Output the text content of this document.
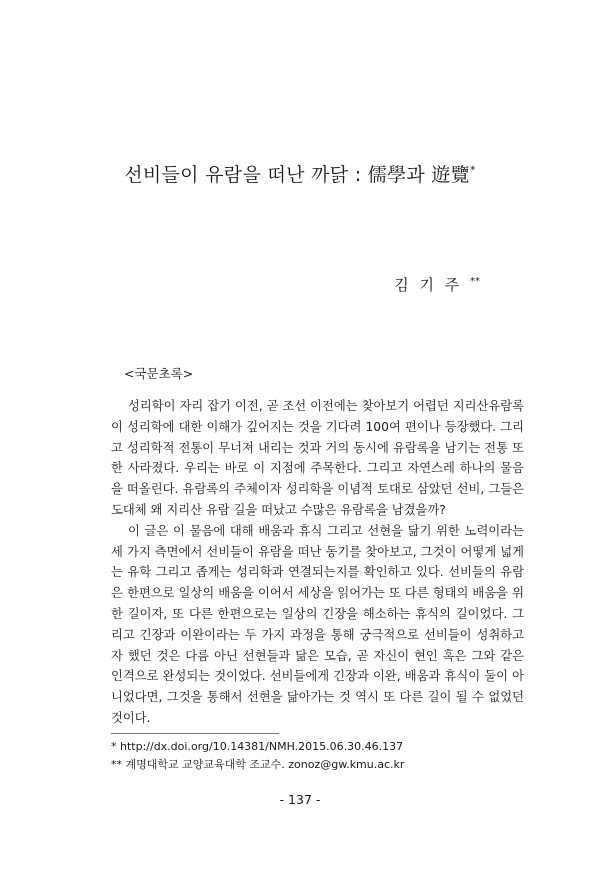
선비들이 유람을 떠난 까닭 : 儒學과 遊覽*
김 기 주 **
<국문초록>

성리학이 자리 잡기 이전, 곧 조선 이전에는 찾아보기 어렵던 지리산유람록이 성리학에 대한 이해가 깊어지는 것을 기다려 100여 편이나 등장했다. 그리고 성리학적 전통이 무너져 내리는 것과 거의 동시에 유람록을 남기는 전통 또한 사라졌다. 우리는 바로 이 지점에 주목한다. 그리고 자연스레 하나의 물음을 떠올린다. 유람록의 주체이자 성리학을 이념적 토대로 삼았던 선비, 그들은 도대체 왜 지리산 유람 길을 떠났고 수많은 유람록을 남겼을까?

이 글은 이 물음에 대해 배움과 휴식 그리고 선현을 닮기 위한 노력이라는 세 가지 측면에서 선비들이 유람을 떠난 동기를 찾아보고, 그것이 어떻게 넓게는 유학 그리고 좁게는 성리학과 연결되는지를 확인하고 있다. 선비들의 유람은 한편으로 일상의 배움을 이어서 세상을 읽어가는 또 다른 형태의 배움을 위한 길이자, 또 다른 한편으로는 일상의 긴장을 해소하는 휴식의 길이었다. 그리고 긴장과 이완이라는 두 가지 과정을 통해 궁극적으로 선비들이 성취하고자 했던 것은 다름 아닌 선현들과 닮은 모습, 곧 자신이 현인 혹은 그와 같은 인격으로 완성되는 것이었다. 선비들에게 긴장과 이완, 배움과 휴식이 둘이 아니었다면, 그것을 통해서 선현을 닮아가는 것 역시 또 다른 길이 될 수 없었던 것이다.

* http://dx.doi.org/10.14381/NMH.2015.06.30.46.137
** 계명대학교 교양교육대학 조교수. zonoz@gw.kmu.ac.kr
- 137 -
